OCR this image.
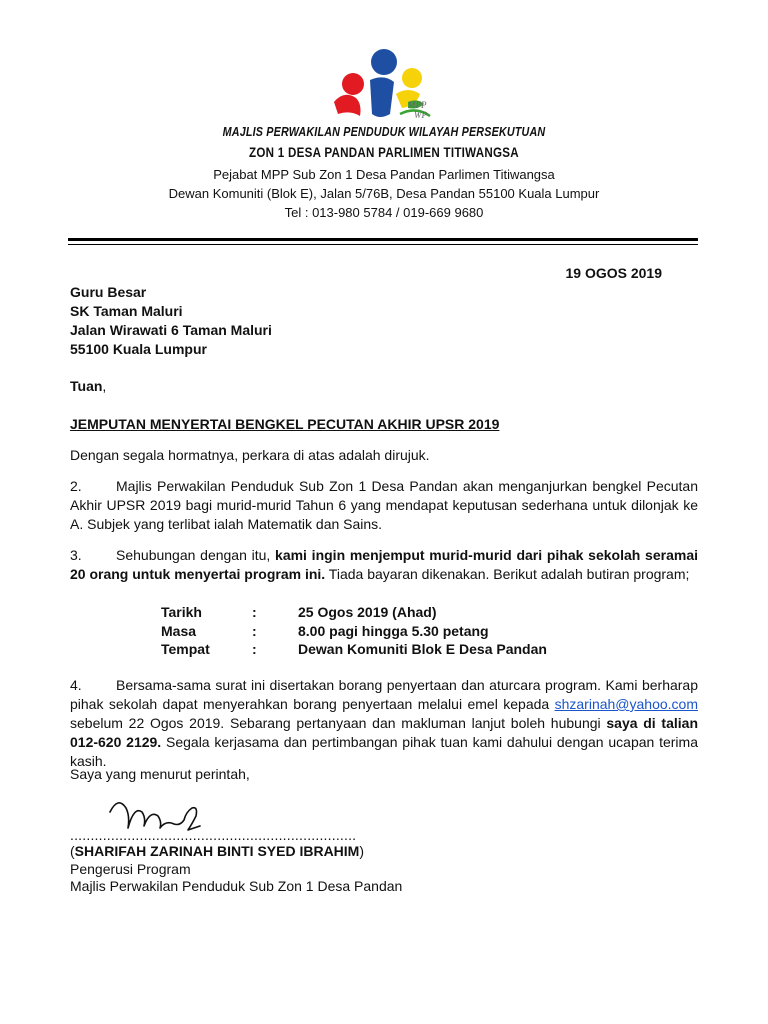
MPP
WP
MAJLIS PERWAKILAN PENDUDUK WILAYAH PERSEKUTUAN
ZON 1 DESA PANDAN PARLIMEN TITIWANGSA
Pejabat MPP Sub Zon 1 Desa Pandan Parlimen Titiwangsa
Dewan Komuniti (Blok E), Jalan 5/76B, Desa Pandan 55100 Kuala Lumpur
Tel : 013-980 5784 / 019-669 9680
19 OGOS 2019
Guru Besar
SK Taman Maluri
Jalan Wirawati 6 Taman Maluri
55100 Kuala Lumpur
Tuan,
JEMPUTAN MENYERTAI BENGKEL PECUTAN AKHIR UPSR 2019
Dengan segala hormatnya, perkara di atas adalah dirujuk.
2. Majlis Perwakilan Penduduk Sub Zon 1 Desa Pandan akan menganjurkan bengkel Pecutan Akhir UPSR 2019 bagi murid-murid Tahun 6 yang mendapat keputusan sederhana untuk dilonjak ke A. Subjek yang terlibat ialah Matematik dan Sains.
3. Sehubungan dengan itu, kami ingin menjemput murid-murid dari pihak sekolah seramai 20 orang untuk menyertai program ini. Tiada bayaran dikenakan. Berikut adalah butiran program;
Tarikh	:	25 Ogos 2019 (Ahad)
Masa	:	8.00 pagi hingga 5.30 petang
Tempat	:	Dewan Komuniti Blok E Desa Pandan
4. Bersama-sama surat ini disertakan borang penyertaan dan aturcara program. Kami berharap pihak sekolah dapat menyerahkan borang penyertaan melalui emel kepada shzarinah@yahoo.com sebelum 22 Ogos 2019. Sebarang pertanyaan dan makluman lanjut boleh hubungi saya di talian 012-620 2129. Segala kerjasama dan pertimbangan pihak tuan kami dahului dengan ucapan terima kasih.
Saya yang menurut perintah,
......................................................................
(SHARIFAH ZARINAH BINTI SYED IBRAHIM)
Pengerusi Program
Majlis Perwakilan Penduduk Sub Zon 1 Desa Pandan
